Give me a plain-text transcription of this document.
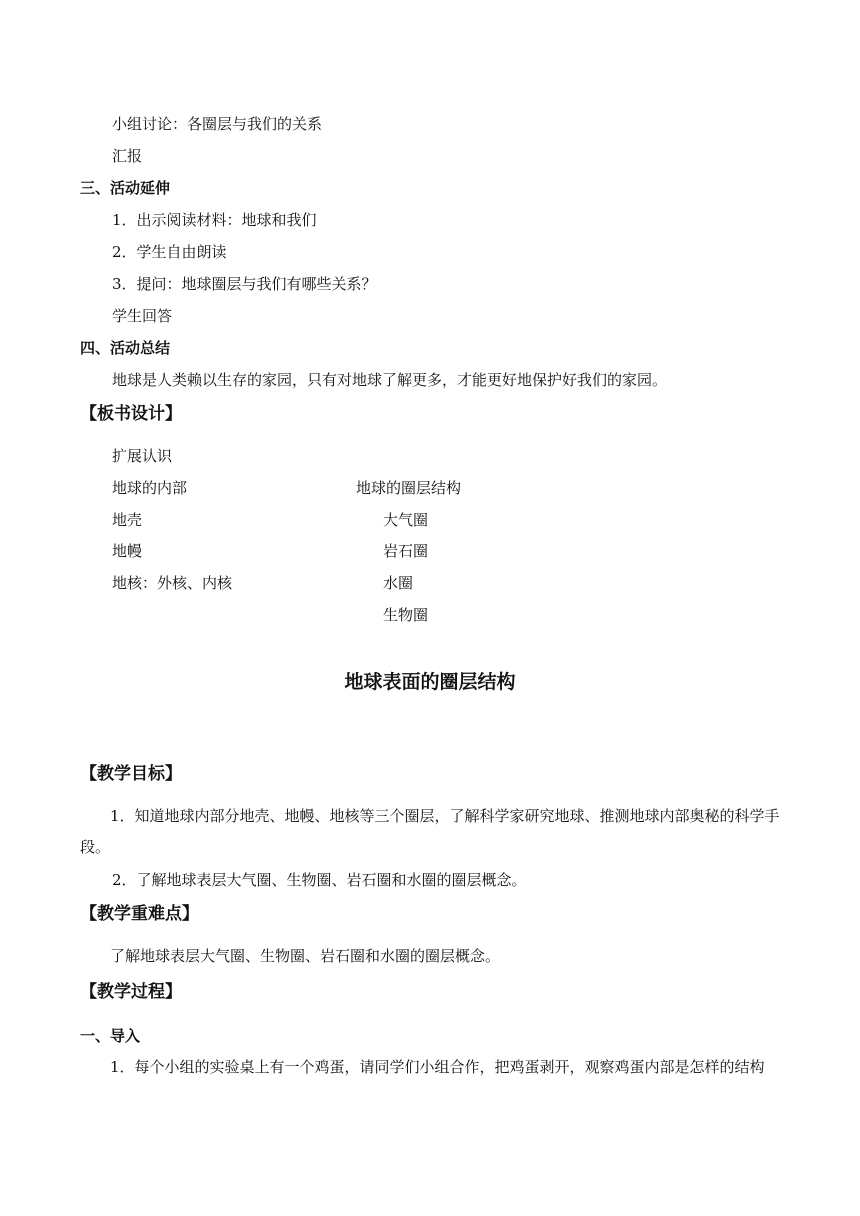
小组讨论：各圈层与我们的关系
汇报
三、活动延伸
1．出示阅读材料：地球和我们
2．学生自由朗读
3．提问：地球圈层与我们有哪些关系？
学生回答
四、活动总结
地球是人类赖以生存的家园，只有对地球了解更多，才能更好地保护好我们的家园。
【板书设计】
扩展认识
地球的内部
地壳
地幔
地核：外核、内核
地球的圈层结构
大气圈
岩石圈
水圈
生物圈
地球表面的圈层结构
【教学目标】
1．知道地球内部分地壳、地幔、地核等三个圈层，了解科学家研究地球、推测地球内部奥秘的科学手段。
2．了解地球表层大气圈、生物圈、岩石圈和水圈的圈层概念。
【教学重难点】
了解地球表层大气圈、生物圈、岩石圈和水圈的圈层概念。
【教学过程】
一、导入
1．每个小组的实验桌上有一个鸡蛋，请同学们小组合作，把鸡蛋剥开，观察鸡蛋内部是怎样的结构
